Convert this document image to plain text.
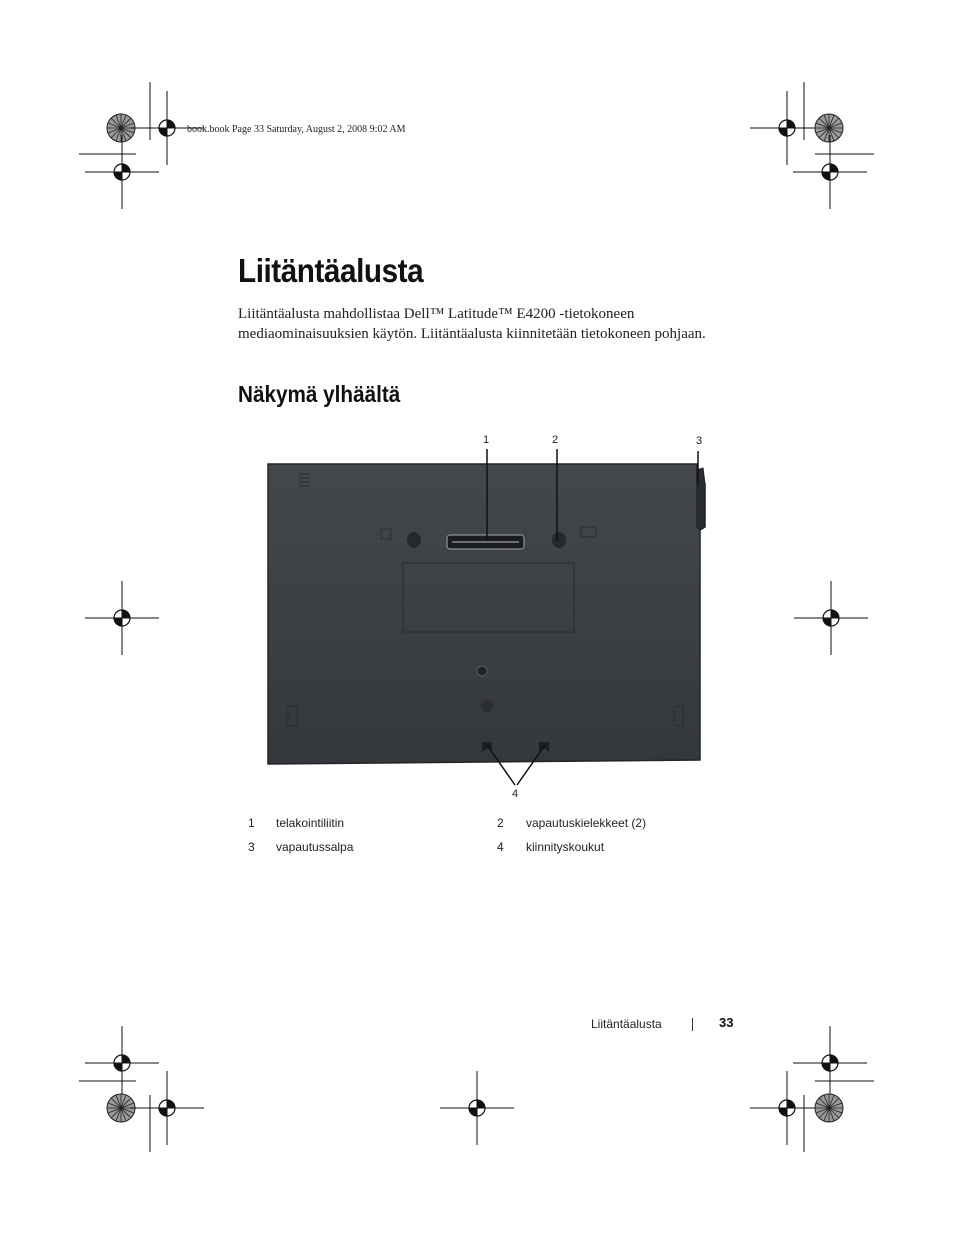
book.book Page 33 Saturday, August 2, 2008 9:02 AM
Liitäntäalusta

Liitäntäalusta mahdollistaa Dell™ Latitude™ E4200 -tietokoneen mediaominaisuuksien käytön. Liitäntäalusta kiinnitetään tietokoneen pohjaan.

Näkymä ylhäältä
1	2	3
4
1 telakointiliitin	2 vapautuskielekkeet (2)
3 vapautussalpa	4 kiinnityskoukut
Liitäntäalusta	33
